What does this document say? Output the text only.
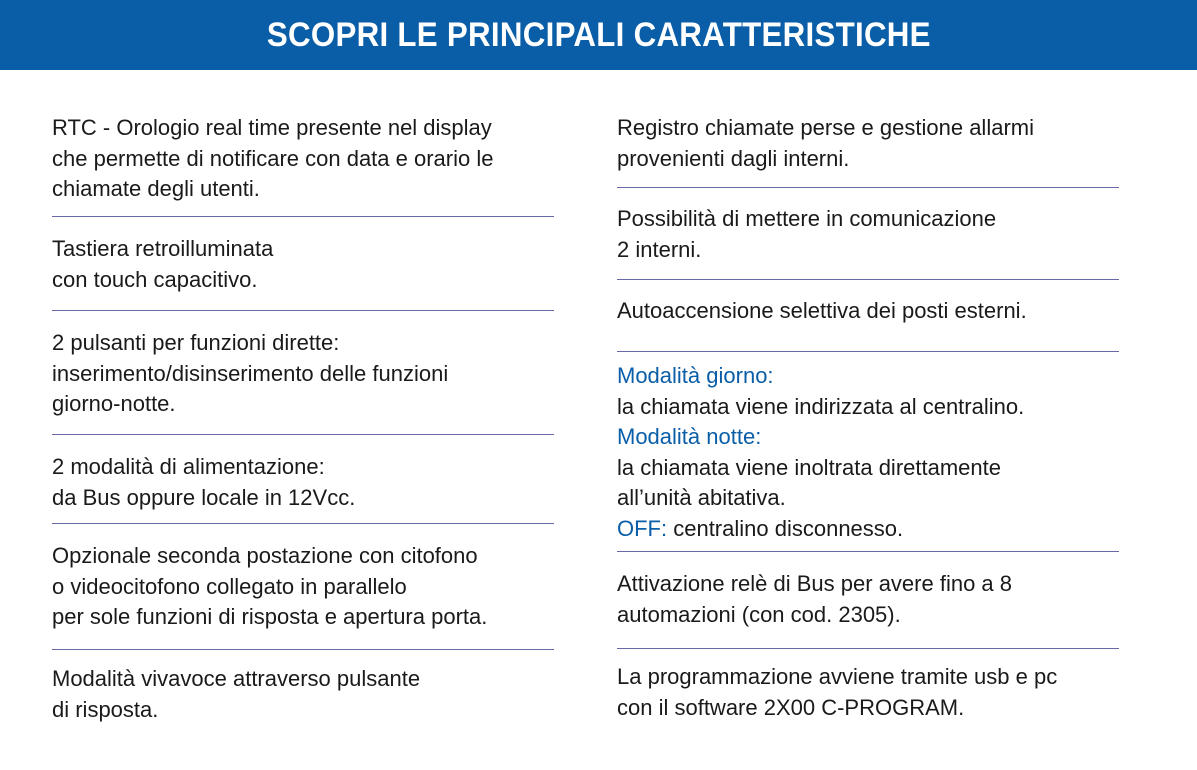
SCOPRI LE PRINCIPALI CARATTERISTICHE
RTC - Orologio real time presente nel display
che permette di notificare con data e orario le
chiamate degli utenti.
Tastiera retroilluminata
con touch capacitivo.
2 pulsanti per funzioni dirette:
inserimento/disinserimento delle funzioni
giorno-notte.
2 modalità di alimentazione:
da Bus oppure locale in 12Vcc.
Opzionale seconda postazione con citofono
o videocitofono collegato in parallelo
per sole funzioni di risposta e apertura porta.
Modalità vivavoce attraverso pulsante
di risposta.
Registro chiamate perse e gestione allarmi
provenienti dagli interni.
Possibilità di mettere in comunicazione
2 interni.
Autoaccensione selettiva dei posti esterni.
Modalità giorno:
la chiamata viene indirizzata al centralino.
Modalità notte:
la chiamata viene inoltrata direttamente
all’unità abitativa.
OFF: centralino disconnesso.
Attivazione relè di Bus per avere fino a 8
automazioni (con cod. 2305).
La programmazione avviene tramite usb e pc
con il software 2X00 C-PROGRAM.
